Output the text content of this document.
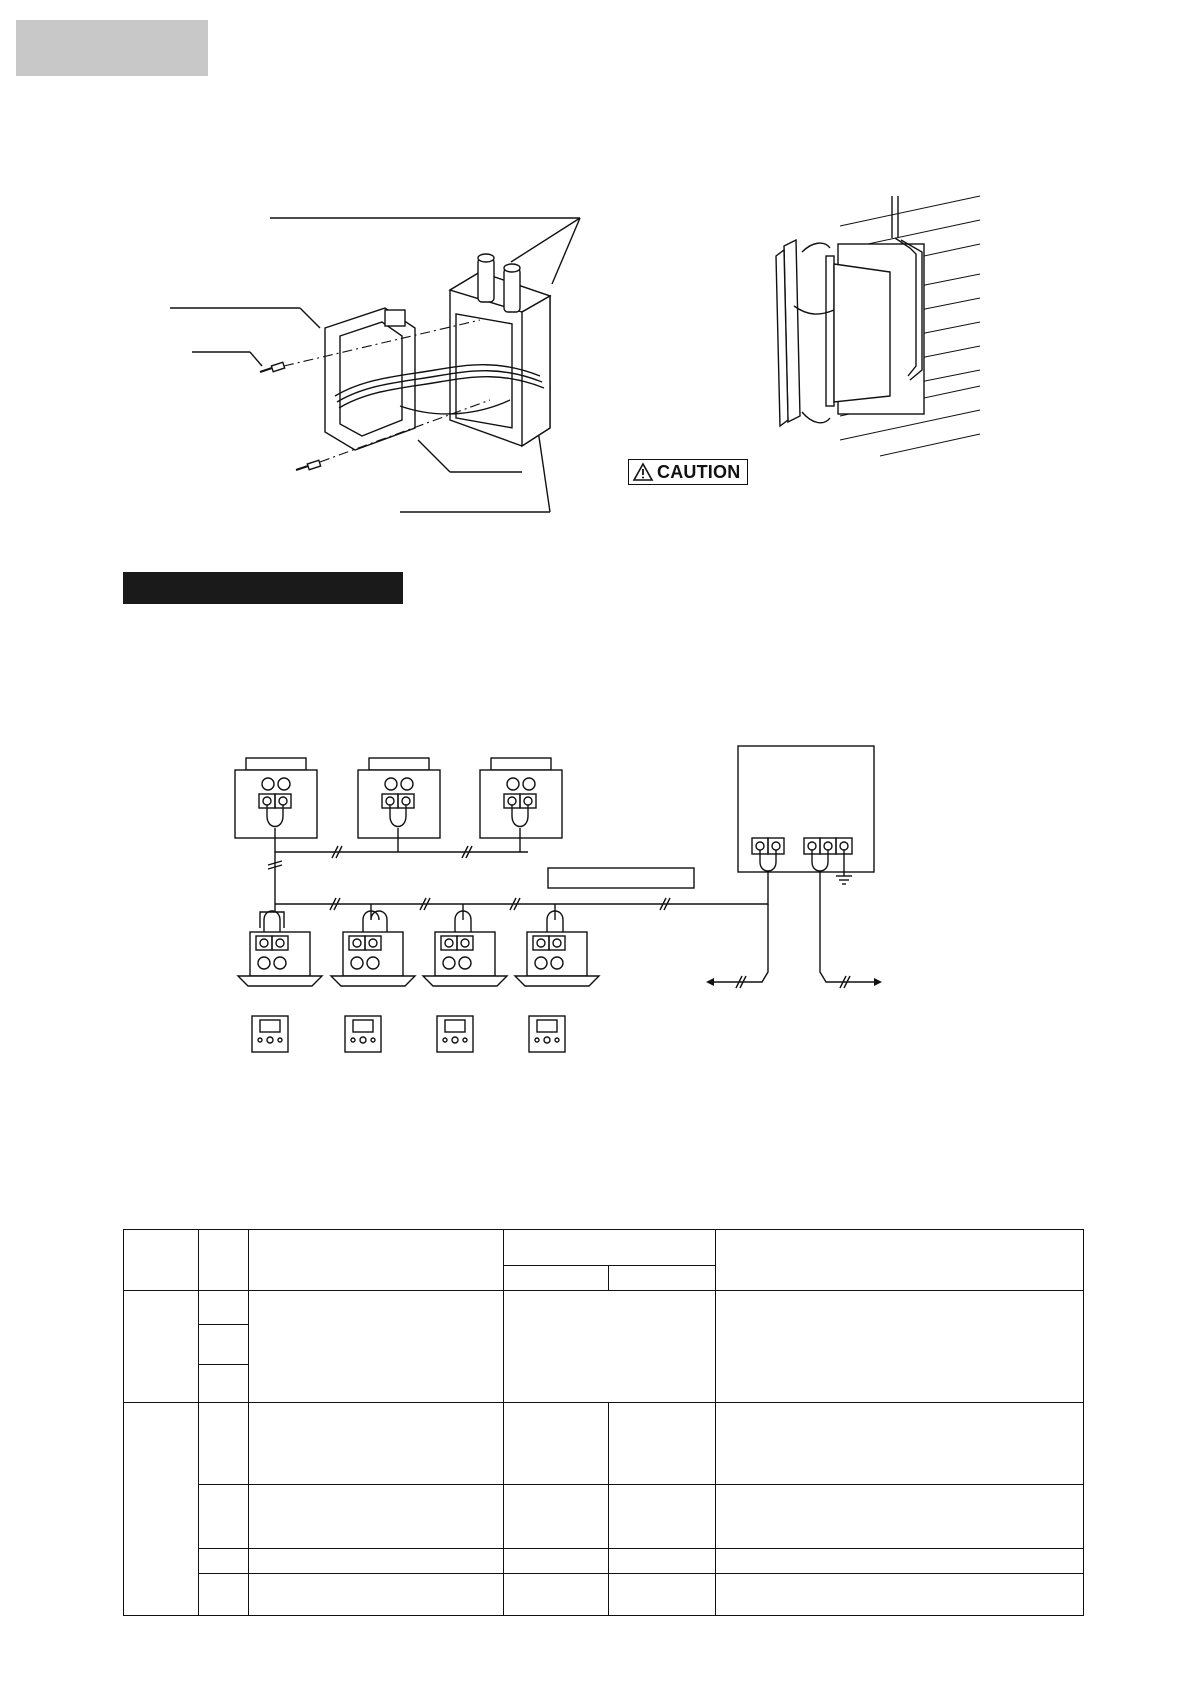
CAUTION
